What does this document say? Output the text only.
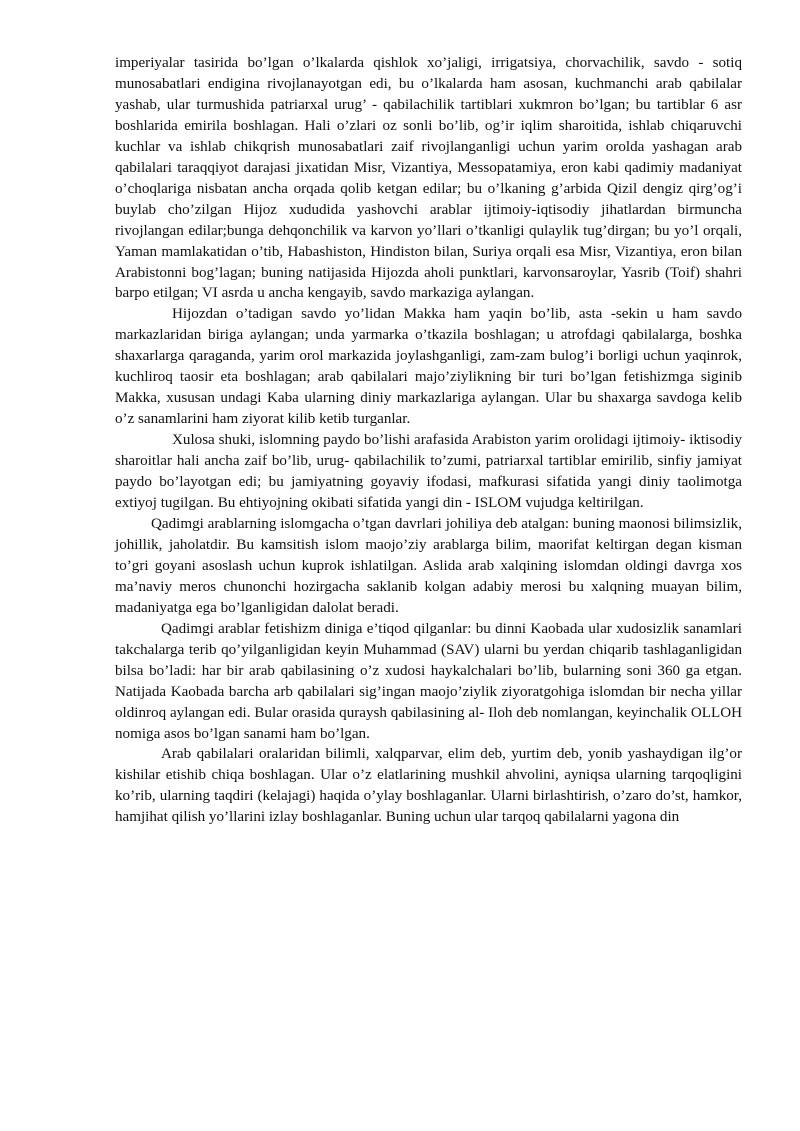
imperiyalar tasirida bo’lgan o’lkalarda qishlok xo’jaligi, irrigatsiya, chorvachilik, savdo - sotiq munosabatlari endigina rivojlanayotgan edi, bu o’lkalarda ham asosan, kuchmanchi arab qabilalar yashab, ular turmushida patriarxal urug’ - qabilachilik tartiblari xukmron bo’lgan; bu tartiblar 6 asr boshlarida emirila boshlagan. Hali o’zlari oz sonli bo’lib, og’ir iqlim sharoitida, ishlab chiqaruvchi kuchlar va ishlab chikqrish munosabatlari zaif rivojlanganligi uchun yarim orolda yashagan arab qabilalari taraqqiyot darajasi jixatidan Misr, Vizantiya, Messopatamiya, eron kabi qadimiy madaniyat o’choqlariga nisbatan ancha orqada qolib ketgan edilar; bu o’lkaning g’arbida Qizil dengiz qirg’og’i buylab cho’zilgan Hijoz xududida yashovchi arablar ijtimoiy-iqtisodiy jihatlardan birmuncha rivojlangan edilar;bunga dehqonchilik va karvon yo’llari o’tkanligi qulaylik tug’dirgan; bu yo’l orqali, Yaman mamlakatidan o’tib, Habashiston, Hindiston bilan, Suriya orqali esa Misr, Vizantiya, eron bilan Arabistonni bog’lagan; buning natijasida Hijozda aholi punktlari, karvonsaroylar, Yasrib (Toif) shahri barpo etilgan; VI asrda u ancha kengayib, savdo markaziga aylangan.

Hijozdan o’tadigan savdo yo’lidan Makka ham yaqin bo’lib, asta -sekin u ham savdo markazlaridan biriga aylangan; unda yarmarka o’tkazila boshlagan; u atrofdagi qabilalarga, boshka shaxarlarga qaraganda, yarim orol markazida joylashganligi, zam-zam bulog’i borligi uchun yaqinrok, kuchliroq taosir eta boshlagan; arab qabilalari majo’ziylikning bir turi bo’lgan fetishizmga siginib Makka, xususan undagi Kaba ularning diniy markazlariga aylangan. Ular bu shaxarga savdoga kelib o’z sanamlarini ham ziyorat kilib ketib turganlar.

Xulosa shuki, islomning paydo bo’lishi arafasida Arabiston yarim orolidagi ijtimoiy- iktisodiy sharoitlar hali ancha zaif bo’lib, urug- qabilachilik to’zumi, patriarxal tartiblar emirilib, sinfiy jamiyat paydo bo’layotgan edi; bu jamiyatning goyaviy ifodasi, mafkurasi sifatida yangi diniy taolimotga extiyoj tugilgan. Bu ehtiyojning okibati sifatida yangi din - ISLOM vujudga keltirilgan.

Qadimgi arablarning islomgacha o’tgan davrlari johiliya deb atalgan: buning maonosi bilimsizlik, johillik, jaholatdir. Bu kamsitish islom maojo’ziy arablarga bilim, maorifat keltirgan degan kisman to’gri goyani asoslash uchun kuprok ishlatilgan. Aslida arab xalqining islomdan oldingi davrga xos ma’naviy meros chunonchi hozirgacha saklanib kolgan adabiy merosi bu xalqning muayan bilim, madaniyatga ega bo’lganligidan dalolat beradi.

Qadimgi arablar fetishizm diniga e’tiqod qilganlar: bu dinni Kaobada ular xudosizlik sanamlari takchalarga terib qo’yilganligidan keyin Muhammad (SAV) ularni bu yerdan chiqarib tashlaganligidan bilsa bo’ladi: har bir arab qabilasining o’z xudosi haykalchalari bo’lib, bularning soni 360 ga etgan. Natijada Kaobada barcha arb qabilalari sig’ingan maojo’ziylik ziyoratgohiga islomdan bir necha yillar oldinroq aylangan edi. Bular orasida quraysh qabilasining al- Iloh deb nomlangan, keyinchalik OLLOH nomiga asos bo’lgan sanami ham bo’lgan.

Arab qabilalari oralaridan bilimli, xalqparvar, elim deb, yurtim deb, yonib yashaydigan ilg’or kishilar etishib chiqa boshlagan. Ular o’z elatlarining mushkil ahvolini, ayniqsa ularning tarqoqligini ko’rib, ularning taqdiri (kelajagi) haqida o’ylay boshlaganlar. Ularni birlashtirish, o’zaro do’st, hamkor, hamjihat qilish yo’llarini izlay boshlaganlar. Buning uchun ular tarqoq qabilalarni yagona din
